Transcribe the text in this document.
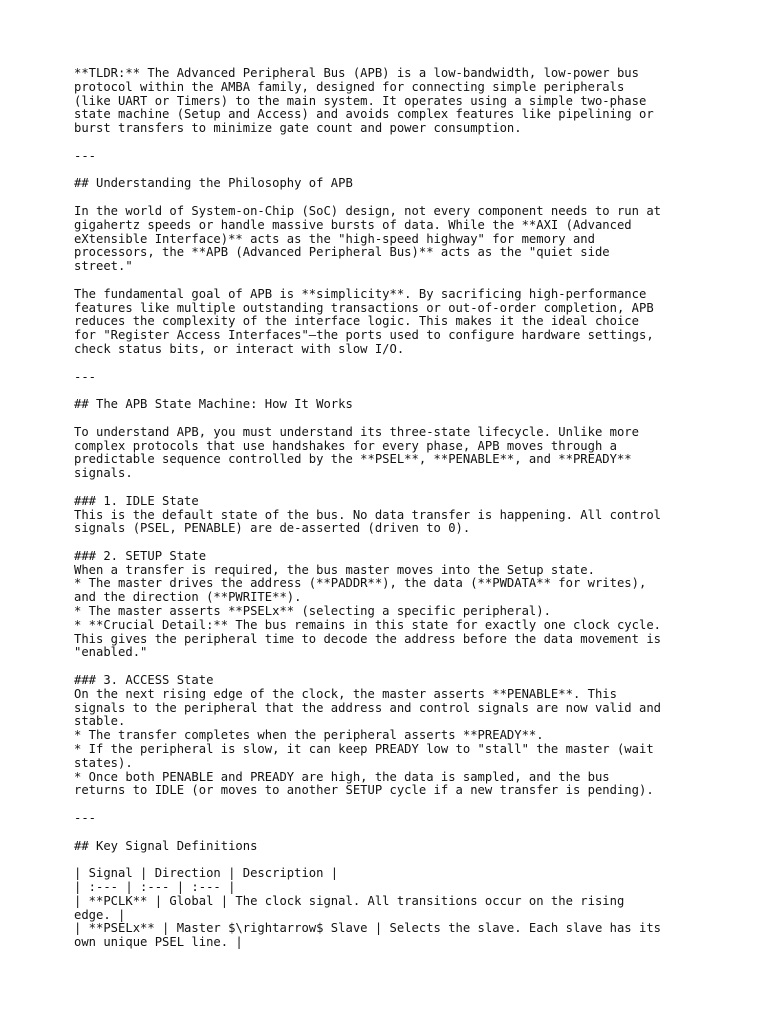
**TLDR:** The Advanced Peripheral Bus (APB) is a low-bandwidth, low-power bus
protocol within the AMBA family, designed for connecting simple peripherals
(like UART or Timers) to the main system. It operates using a simple two-phase
state machine (Setup and Access) and avoids complex features like pipelining or
burst transfers to minimize gate count and power consumption.
---
## Understanding the Philosophy of APB
In the world of System-on-Chip (SoC) design, not every component needs to run at
gigahertz speeds or handle massive bursts of data. While the **AXI (Advanced
eXtensible Interface)** acts as the "high-speed highway" for memory and
processors, the **APB (Advanced Peripheral Bus)** acts as the "quiet side
street."
The fundamental goal of APB is **simplicity**. By sacrificing high-performance
features like multiple outstanding transactions or out-of-order completion, APB
reduces the complexity of the interface logic. This makes it the ideal choice
for "Register Access Interfaces"—the ports used to configure hardware settings,
check status bits, or interact with slow I/O.
---
## The APB State Machine: How It Works
To understand APB, you must understand its three-state lifecycle. Unlike more
complex protocols that use handshakes for every phase, APB moves through a
predictable sequence controlled by the **PSEL**, **PENABLE**, and **PREADY**
signals.
### 1. IDLE State
This is the default state of the bus. No data transfer is happening. All control
signals (PSEL, PENABLE) are de-asserted (driven to 0).
### 2. SETUP State
When a transfer is required, the bus master moves into the Setup state.
* The master drives the address (**PADDR**), the data (**PWDATA** for writes),
and the direction (**PWRITE**).
* The master asserts **PSELx** (selecting a specific peripheral).
* **Crucial Detail:** The bus remains in this state for exactly one clock cycle.
This gives the peripheral time to decode the address before the data movement is
"enabled."
### 3. ACCESS State
On the next rising edge of the clock, the master asserts **PENABLE**. This
signals to the peripheral that the address and control signals are now valid and
stable.
* The transfer completes when the peripheral asserts **PREADY**.
* If the peripheral is slow, it can keep PREADY low to "stall" the master (wait
states).
* Once both PENABLE and PREADY are high, the data is sampled, and the bus
returns to IDLE (or moves to another SETUP cycle if a new transfer is pending).
---
## Key Signal Definitions
| Signal | Direction | Description |
| :--- | :--- | :--- |
| **PCLK** | Global | The clock signal. All transitions occur on the rising
edge. |
| **PSELx** | Master $\rightarrow$ Slave | Selects the slave. Each slave has its
own unique PSEL line. |
